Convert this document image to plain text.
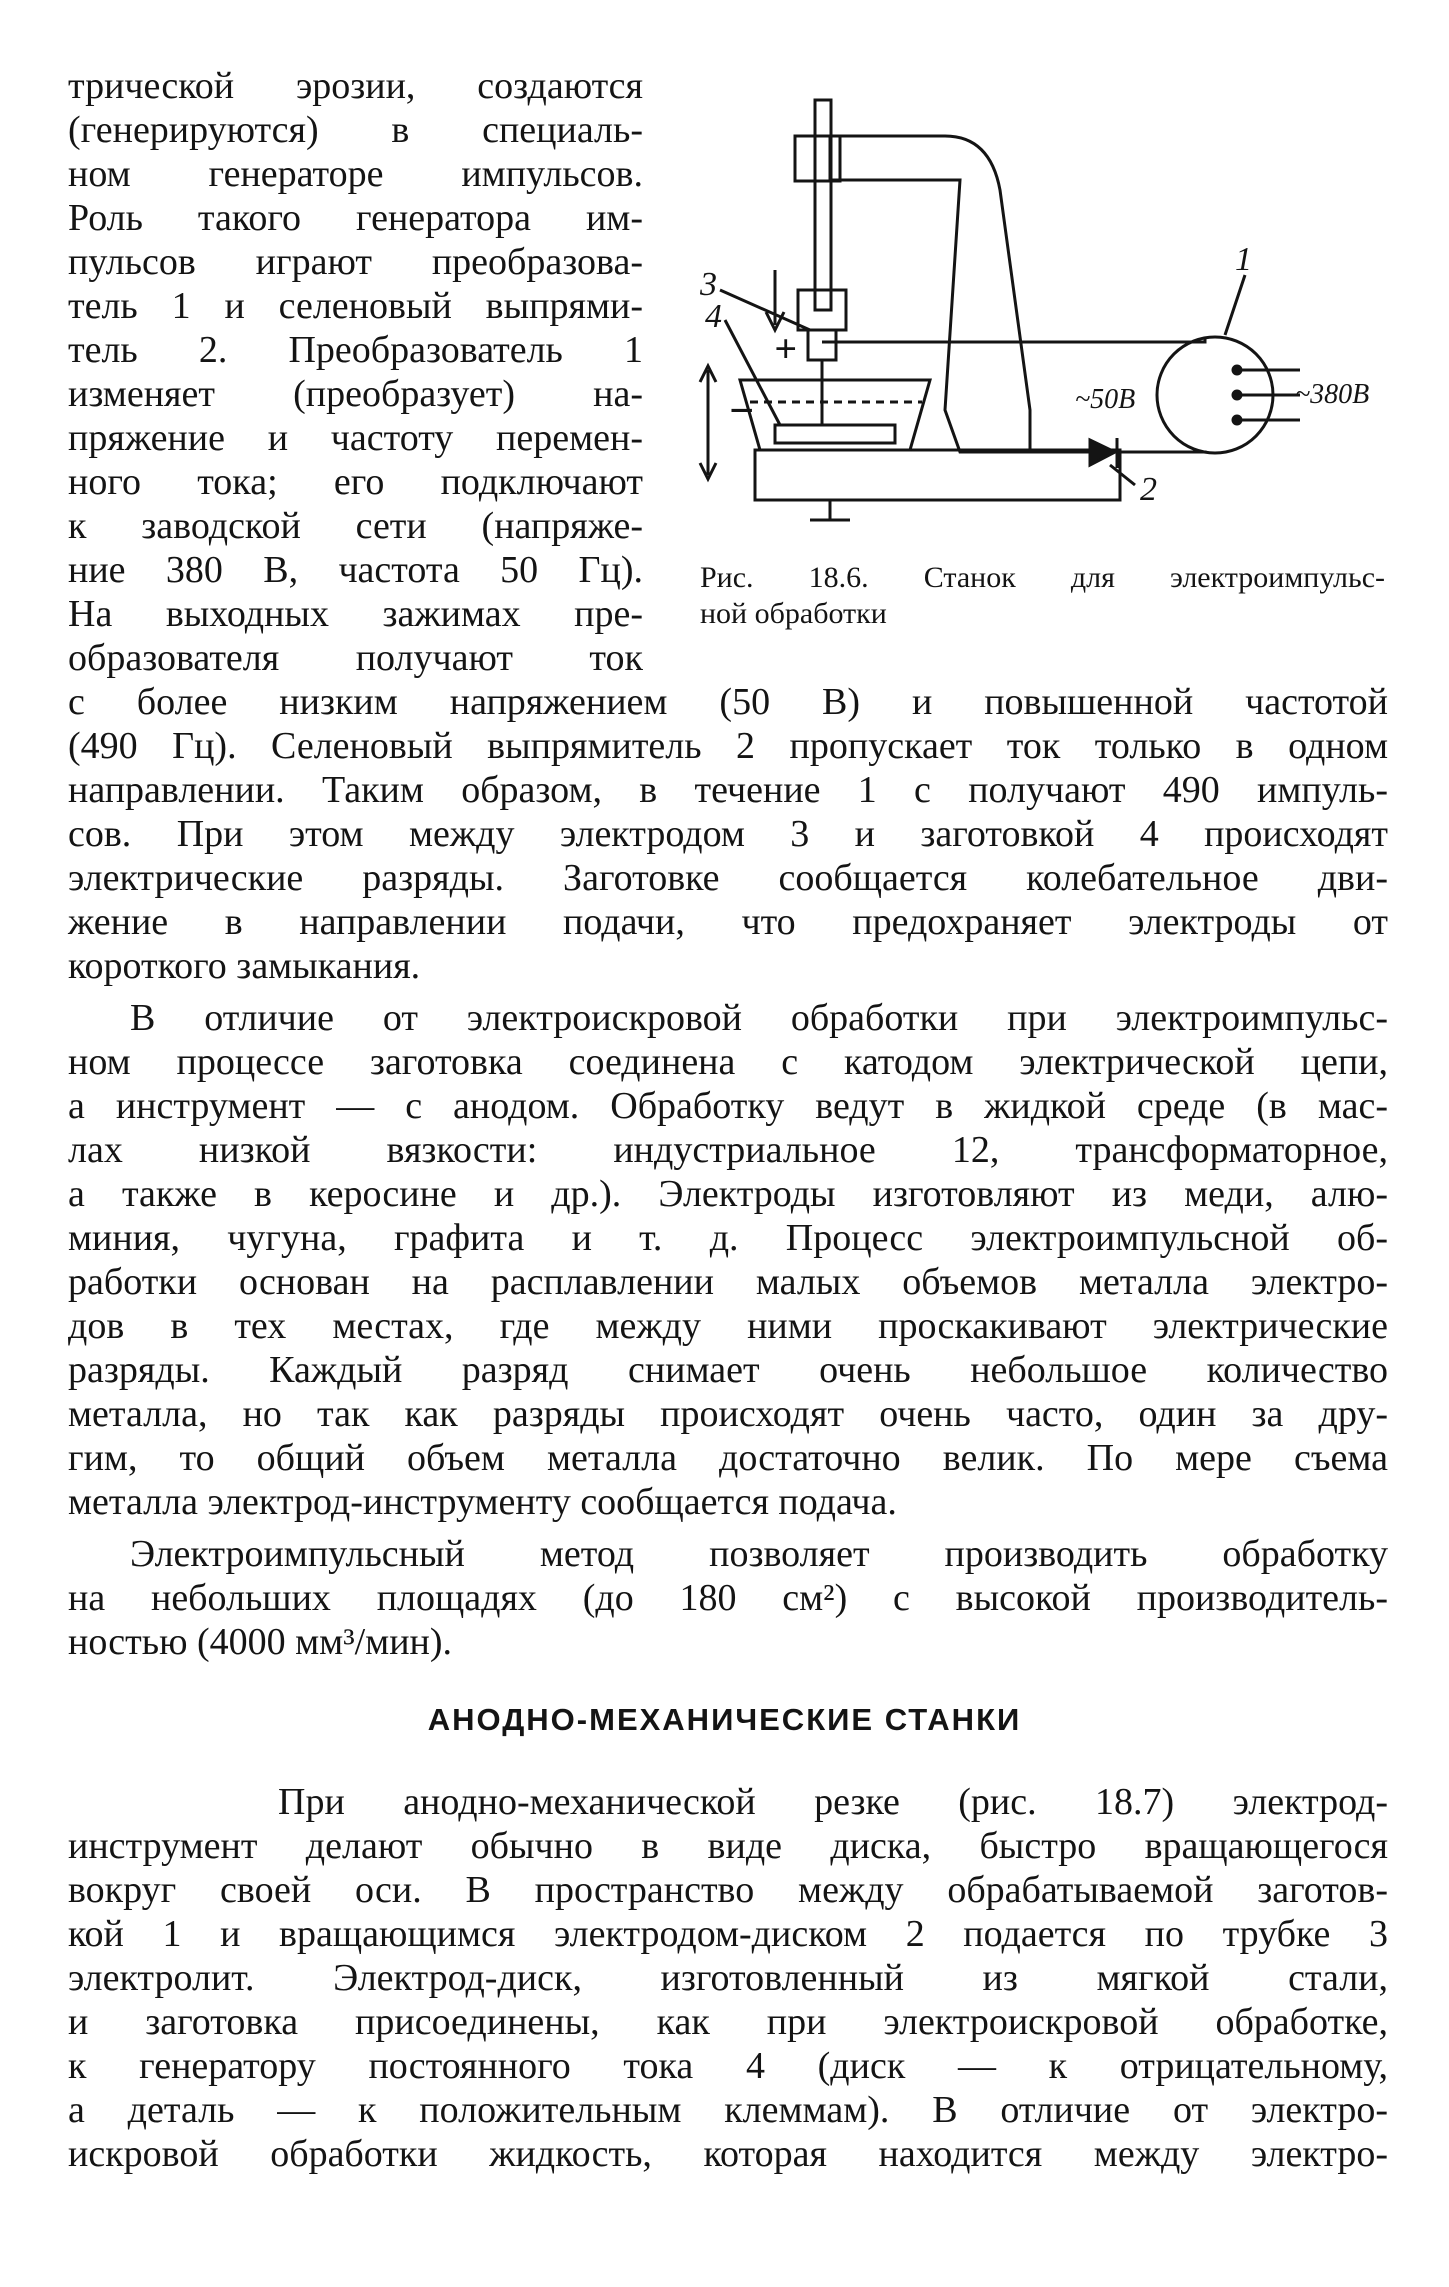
трической эрозии, создаются
(генерируются) в специаль-
ном генераторе импульсов.
Роль такого генератора им-
пульсов играют преобразова-
тель 1 и селеновый выпрями-
тель 2. Преобразователь 1
изменяет (преобразует) на-
пряжение и частоту перемен-
ного тока; его подключают
к заводской сети (напряже-
ние 380 В, частота 50 Гц).
На выходных зажимах пре-
образователя получают ток
с более низким напряжением (50 В) и повышенной частотой
(490 Гц). Селеновый выпрямитель 2 пропускает ток только в одном
направлении. Таким образом, в течение 1 с получают 490 импуль-
сов. При этом между электродом 3 и заготовкой 4 происходят
электрические разряды. Заготовке сообщается колебательное дви-
жение в направлении подачи, что предохраняет электроды от
короткого замыкания.
3
4
+
−
1
2
~50В	~380В
Рис. 18.6. Станок для электроимпульс-
ной обработки
В отличие от электроискровой обработки при электроимпульс-
ном процессе заготовка соединена с катодом электрической цепи,
а инструмент — с анодом. Обработку ведут в жидкой среде (в мас-
лах низкой вязкости: индустриальное 12, трансформаторное,
а также в керосине и др.). Электроды изготовляют из меди, алю-
миния, чугуна, графита и т. д. Процесс электроимпульсной об-
работки основан на расплавлении малых объемов металла электро-
дов в тех местах, где между ними проскакивают электрические
разряды. Каждый разряд снимает очень небольшое количество
металла, но так как разряды происходят очень часто, один за дру-
гим, то общий объем металла достаточно велик. По мере съема
металла электрод-инструменту сообщается подача.
Электроимпульсный метод позволяет производить обработку
на небольших площадях (до 180 см²) с высокой производитель-
ностью (4000 мм³/мин).
АНОДНО-МЕХАНИЧЕСКИЕ СТАНКИ
При анодно-механической резке (рис. 18.7) электрод-
инструмент делают обычно в виде диска, быстро вращающегося
вокруг своей оси. В пространство между обрабатываемой заготов-
кой 1 и вращающимся электродом-диском 2 подается по трубке 3
электролит. Электрод-диск, изготовленный из мягкой стали,
и заготовка присоединены, как при электроискровой обработке,
к генератору постоянного тока 4 (диск — к отрицательному,
а деталь — к положительным клеммам). В отличие от электро-
искровой обработки жидкость, которая находится между электро-
